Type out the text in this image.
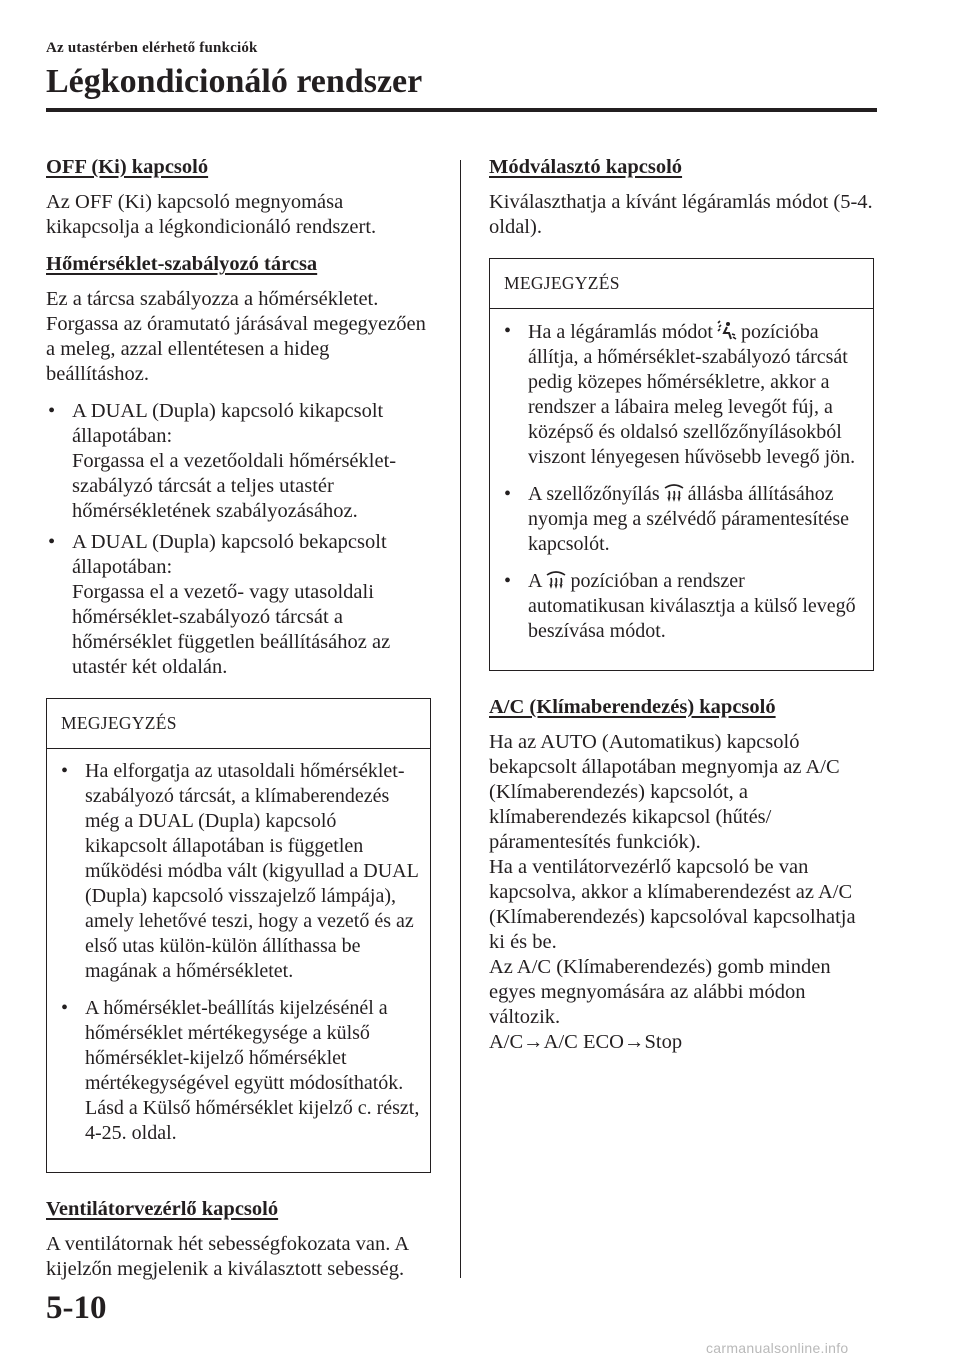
Az utastérben elérhető funkciók
Légkondicionáló rendszer
OFF (Ki) kapcsoló

Az OFF (Ki) kapcsoló megnyomása kikapcsolja a légkondicionáló rendszert.

Hőmérséklet-szabályozó tárcsa

Ez a tárcsa szabályozza a hőmérsékletet. Forgassa az óramutató járásával megegyezően a meleg, azzal ellentétesen a hideg beállításhoz.

• A DUAL (Dupla) kapcsoló kikapcsolt állapotában:
Forgassa el a vezetőoldali hőmérséklet-szabályzó tárcsát a teljes utastér hőmérsékletének szabályozásához.
• A DUAL (Dupla) kapcsoló bekapcsolt állapotában:
Forgassa el a vezető- vagy utasoldali hőmérséklet-szabályozó tárcsát a hőmérséklet független beállításához az utastér két oldalán.
MEGJEGYZÉS
• Ha elforgatja az utasoldali hőmérséklet-szabályozó tárcsát, a klímaberendezés még a DUAL (Dupla) kapcsoló kikapcsolt állapotában is független működési módba vált (kigyullad a DUAL (Dupla) kapcsoló visszajelző lámpája), amely lehetővé teszi, hogy a vezető és az első utas külön-külön állíthassa be magának a hőmérsékletet.
• A hőmérséklet-beállítás kijelzésénél a hőmérséklet mértékegysége a külső hőmérséklet-kijelző hőmérséklet mértékegységével együtt módosíthatók. Lásd a Külső hőmérséklet kijelző c. részt, 4-25. oldal.
Ventilátorvezérlő kapcsoló

A ventilátornak hét sebességfokozata van. A kijelzőn megjelenik a kiválasztott sebesség.

Módválasztó kapcsoló

Kiválaszthatja a kívánt légáramlás módot (5-4. oldal).

MEGJEGYZÉS
• Ha a légáramlás módot pozícióba állítja, a hőmérséklet-szabályozó tárcsát pedig közepes hőmérsékletre, akkor a rendszer a lábaira meleg levegőt fúj, a középső és oldalsó szellőzőnyílásokból viszont lényegesen hűvösebb levegő jön.
• A szellőzőnyílás állásba állításához nyomja meg a szélvédő páramentesítése kapcsolót.
• A pozícióban a rendszer automatikusan kiválasztja a külső levegő beszívása módot.
A/C (Klímaberendezés) kapcsoló

Ha az AUTO (Automatikus) kapcsoló bekapcsolt állapotában megnyomja az A/C (Klímaberendezés) kapcsolót, a klímaberendezés kikapcsol (hűtés/ páramentesítés funkciók).
Ha a ventilátorvezérlő kapcsoló be van kapcsolva, akkor a klímaberendezést az A/C (Klímaberendezés) kapcsolóval kapcsolhatja ki és be.
Az A/C (Klímaberendezés) gomb minden egyes megnyomására az alábbi módon változik.

A/C→A/C ECO→Stop

5-10
carmanualsonline.info
